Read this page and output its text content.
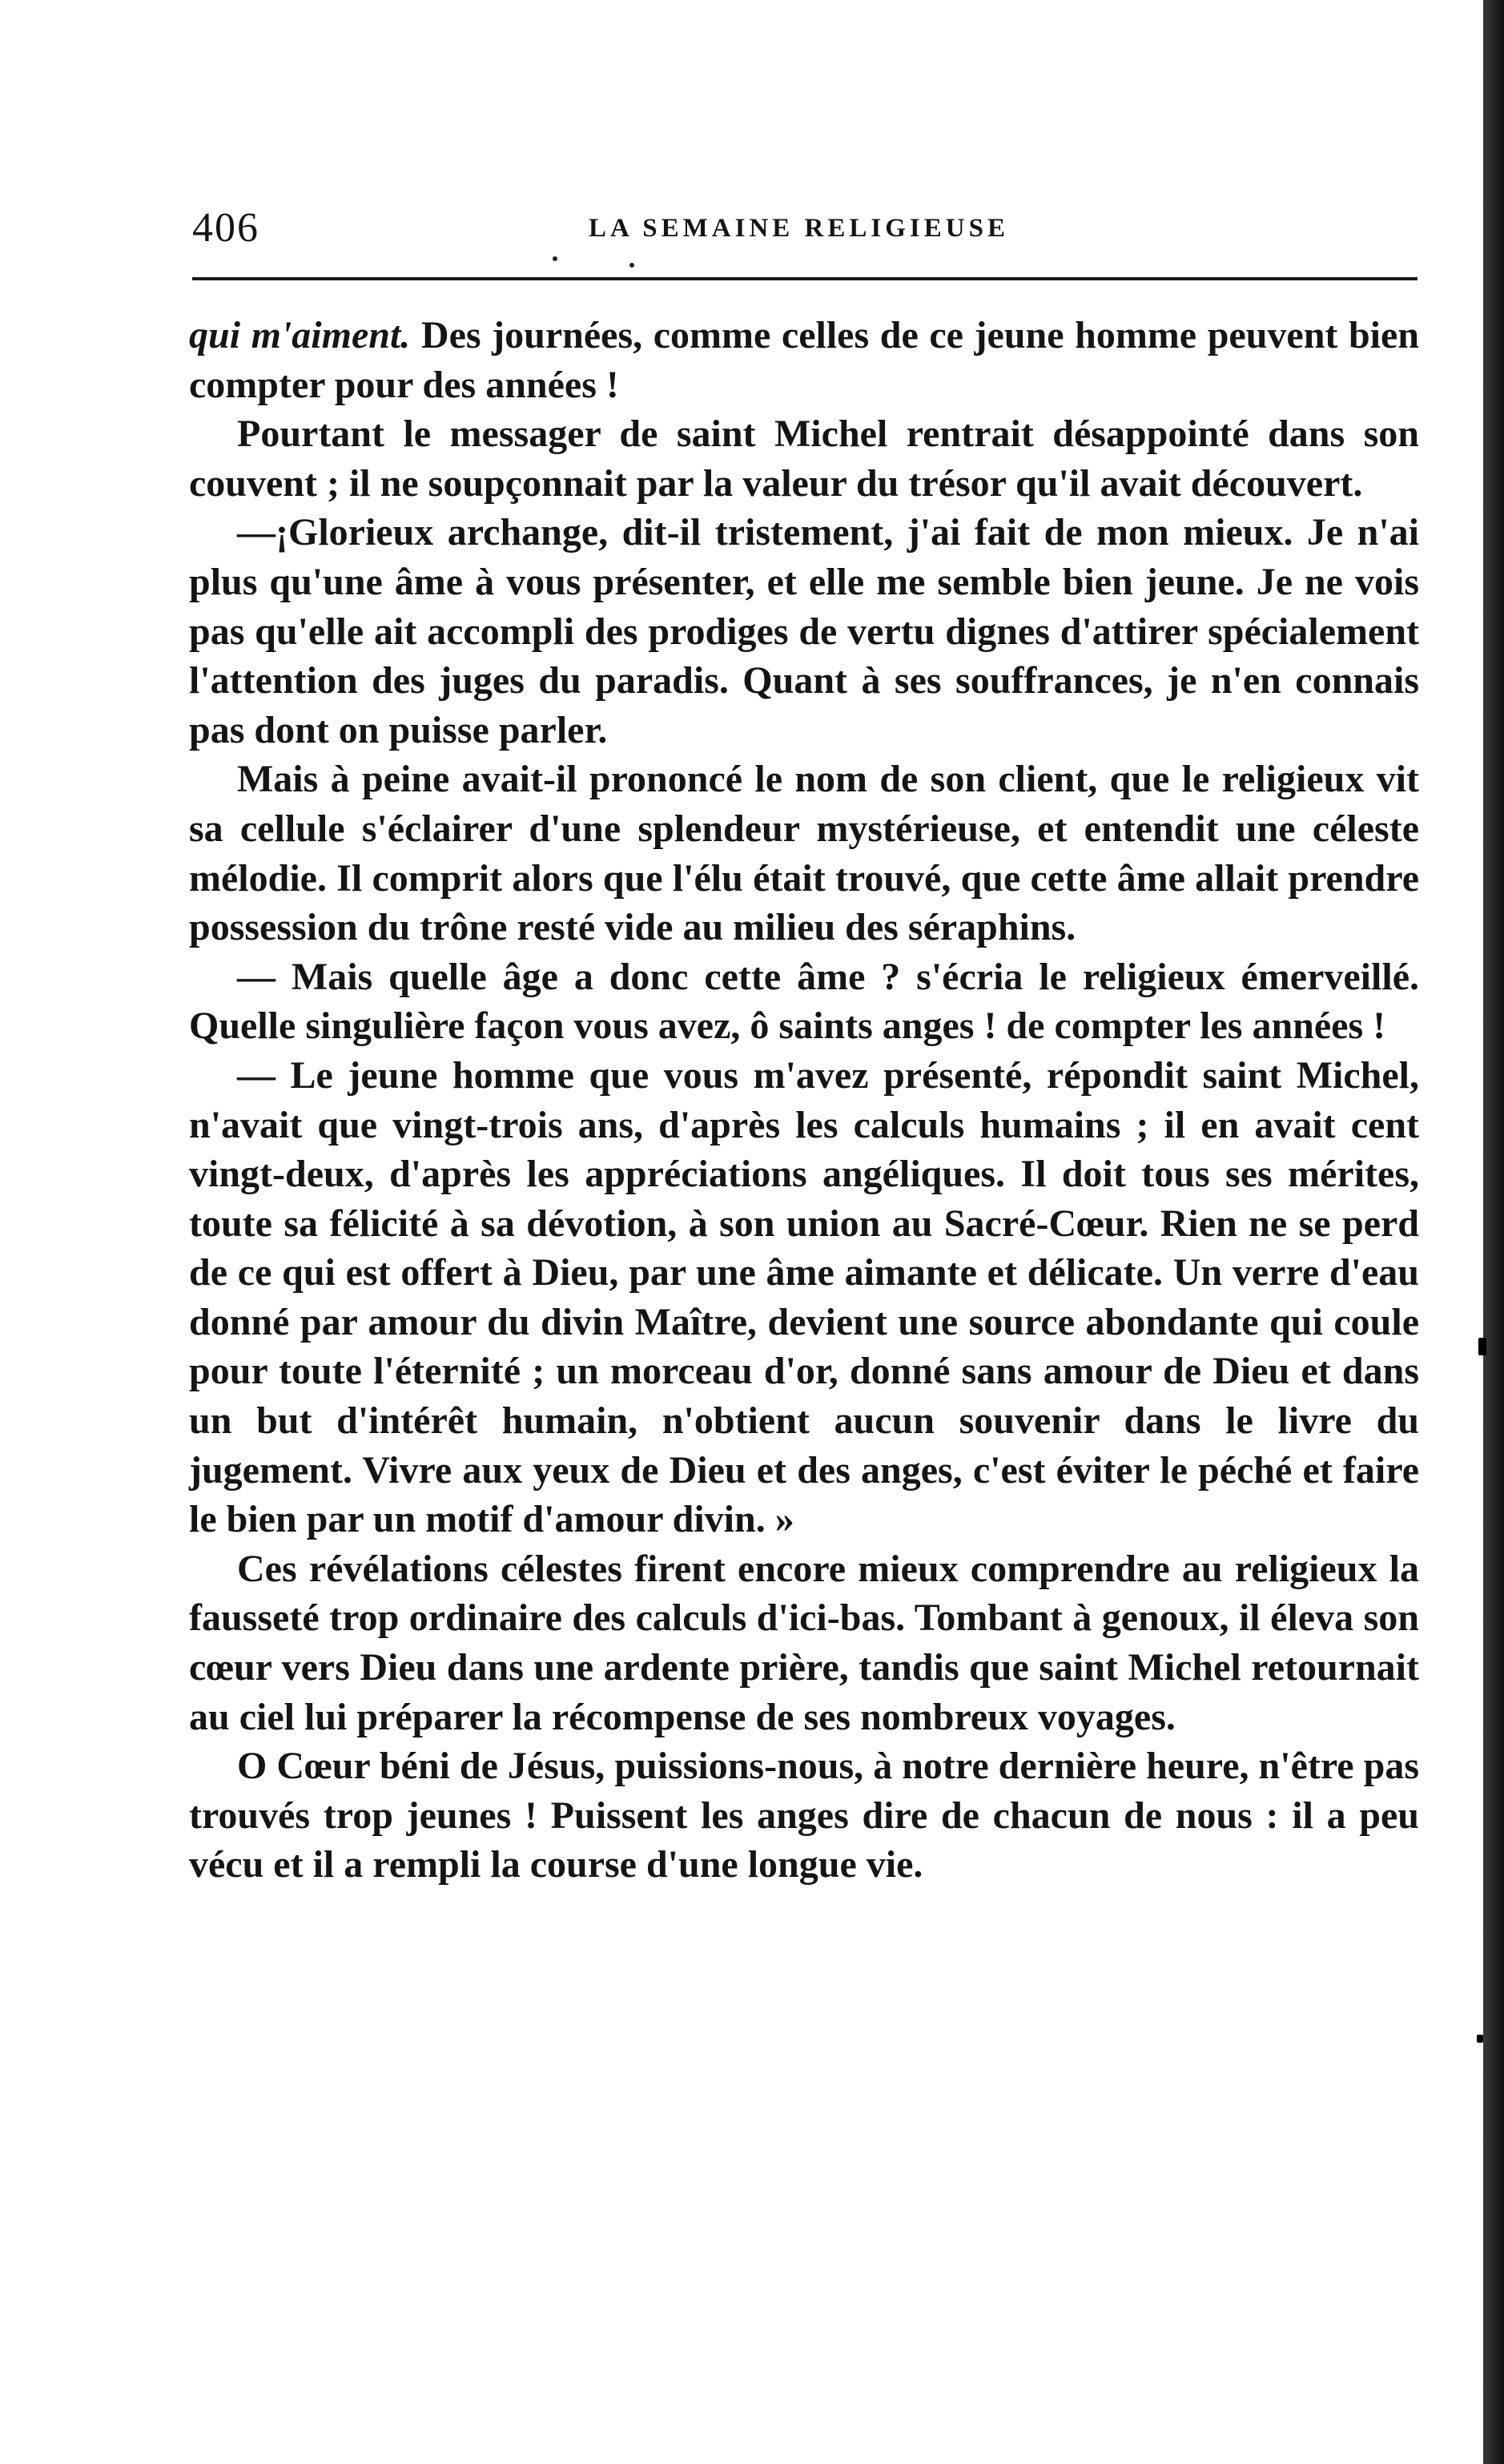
406	LA SEMAINE RELIGIEUSE

qui m'aiment. Des journées, comme celles de ce jeune homme peuvent bien compter pour des années !

Pourtant le messager de saint Michel rentrait désappointé dans son couvent ; il ne soupçonnait par la valeur du trésor qu'il avait découvert.

—¡Glorieux archange, dit-il tristement, j'ai fait de mon mieux. Je n'ai plus qu'une âme à vous présenter, et elle me semble bien jeune. Je ne vois pas qu'elle ait accompli des prodiges de vertu dignes d'attirer spécialement l'attention des juges du paradis. Quant à ses souffrances, je n'en connais pas dont on puisse parler.

Mais à peine avait-il prononcé le nom de son client, que le religieux vit sa cellule s'éclairer d'une splendeur mystérieuse, et entendit une céleste mélodie. Il comprit alors que l'élu était trouvé, que cette âme allait prendre possession du trône resté vide au milieu des séraphins.

— Mais quelle âge a donc cette âme ? s'écria le religieux émerveillé. Quelle singulière façon vous avez, ô saints anges ! de compter les années !

— Le jeune homme que vous m'avez présenté, répondit saint Michel, n'avait que vingt-trois ans, d'après les calculs humains ; il en avait cent vingt-deux, d'après les appréciations angéliques. Il doit tous ses mérites, toute sa félicité à sa dévotion, à son union au Sacré-Cœur. Rien ne se perd de ce qui est offert à Dieu, par une âme aimante et délicate. Un verre d'eau donné par amour du divin Maître, devient une source abondante qui coule pour toute l'éternité ; un morceau d'or, donné sans amour de Dieu et dans un but d'intérêt humain, n'obtient aucun souvenir dans le livre du jugement. Vivre aux yeux de Dieu et des anges, c'est éviter le péché et faire le bien par un motif d'amour divin. »

Ces révélations célestes firent encore mieux comprendre au religieux la fausseté trop ordinaire des calculs d'ici-bas. Tombant à genoux, il éleva son cœur vers Dieu dans une ardente prière, tandis que saint Michel retournait au ciel lui préparer la récompense de ses nombreux voyages.

O Cœur béni de Jésus, puissions-nous, à notre dernière heure, n'être pas trouvés trop jeunes ! Puissent les anges dire de chacun de nous : il a peu vécu et il a rempli la course d'une longue vie.
